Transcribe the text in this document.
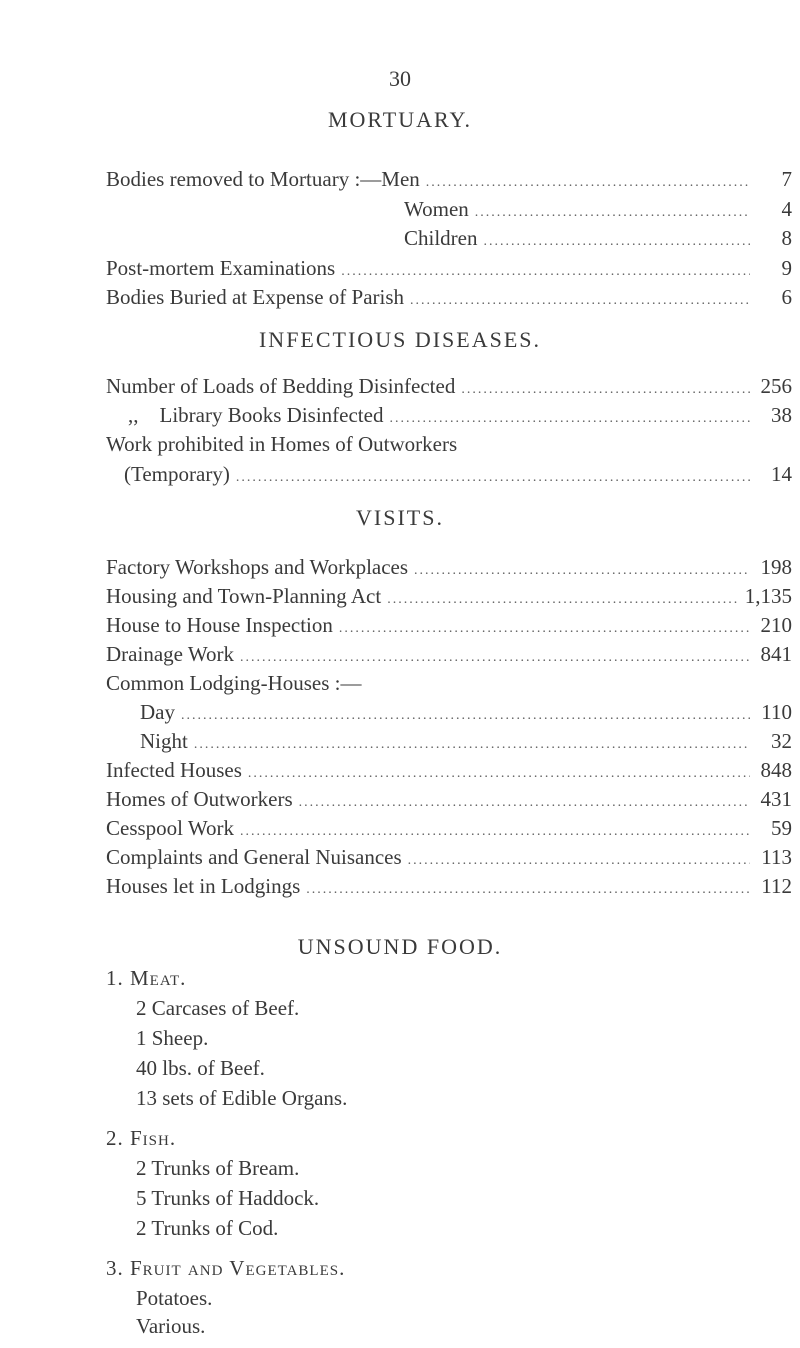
30
MORTUARY.
Bodies removed to Mortuary :—Men .....	7
Women .....	4
Children .....	8
Post-mortem Examinations .....	9
Bodies Buried at Expense of Parish .....	6
INFECTIOUS DISEASES.
Number of Loads of Bedding Disinfected .....	256
,,    Library Books Disinfected .....	38
Work prohibited in Homes of Outworkers
(Temporary) .....	14
VISITS.
Factory Workshops and Workplaces .....	198
Housing and Town-Planning Act .....	1,135
House to House Inspection .....	210
Drainage Work .....	841
Common Lodging-Houses :—
Day .....	110
Night .....	32
Infected Houses .....	848
Homes of Outworkers .....	431
Cesspool Work .....	59
Complaints and General Nuisances .....	113
Houses let in Lodgings .....	112
UNSOUND FOOD.
1. Meat.
2 Carcases of Beef.
1 Sheep.
40 lbs. of Beef.
13 sets of Edible Organs.
2. Fish.
2 Trunks of Bream.
5 Trunks of Haddock.
2 Trunks of Cod.
3. Fruit and Vegetables.
Potatoes.
Various.
